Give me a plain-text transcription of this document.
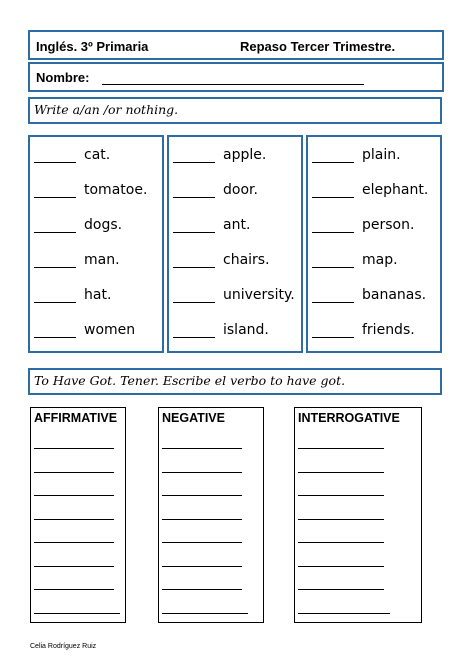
Inglés. 3º Primaria	Repaso Tercer Trimestre.
Nombre:
Write a/an /or nothing.
cat.
tomatoe.
dogs.
man.
hat.
women
apple.
door.
ant.
chairs.
university.
island.
plain.
elephant.
person.
map.
bananas.
friends.
To Have Got. Tener. Escribe el verbo to have got.
AFFIRMATIVE	NEGATIVE	INTERROGATIVE
Celia Rodríguez Ruiz
